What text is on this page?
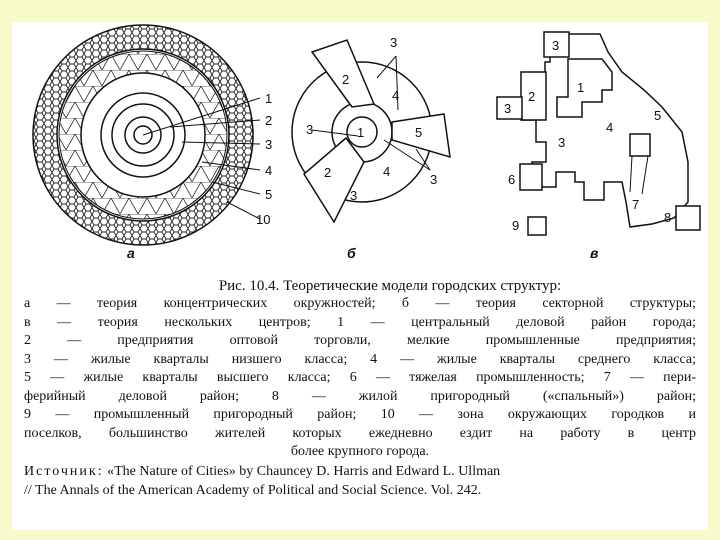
1
2
3
4
5
10
а
1
2
3
4
5
3
4
3
2
3
б
3
2
1
3
3
4
5
6
7
8
9
в

Рис. 10.4. Теоретические модели городских структур:

а — теория концентрических окружностей; б — теория секторной структуры;

в — теория нескольких центров; 1 — центральный деловой район города;

2 — предприятия оптовой торговли, мелкие промышленные предприятия;

3 — жилые кварталы низшего класса; 4 — жилые кварталы среднего класса;

5 — жилые кварталы высшего класса; 6 — тяжелая промышленность; 7 — пери-

ферийный деловой район; 8 — жилой пригородный («спальный») район;

9 — промышленный пригородный район; 10 — зона окружающих городков и

поселков, большинство жителей которых ежедневно ездит на работу в центр

более крупного города.

Источник: «The Nature of Cities» by Chauncey D. Harris and Edward L. Ullman

// The Annals of the American Academy of Political and Social Science. Vol. 242.
